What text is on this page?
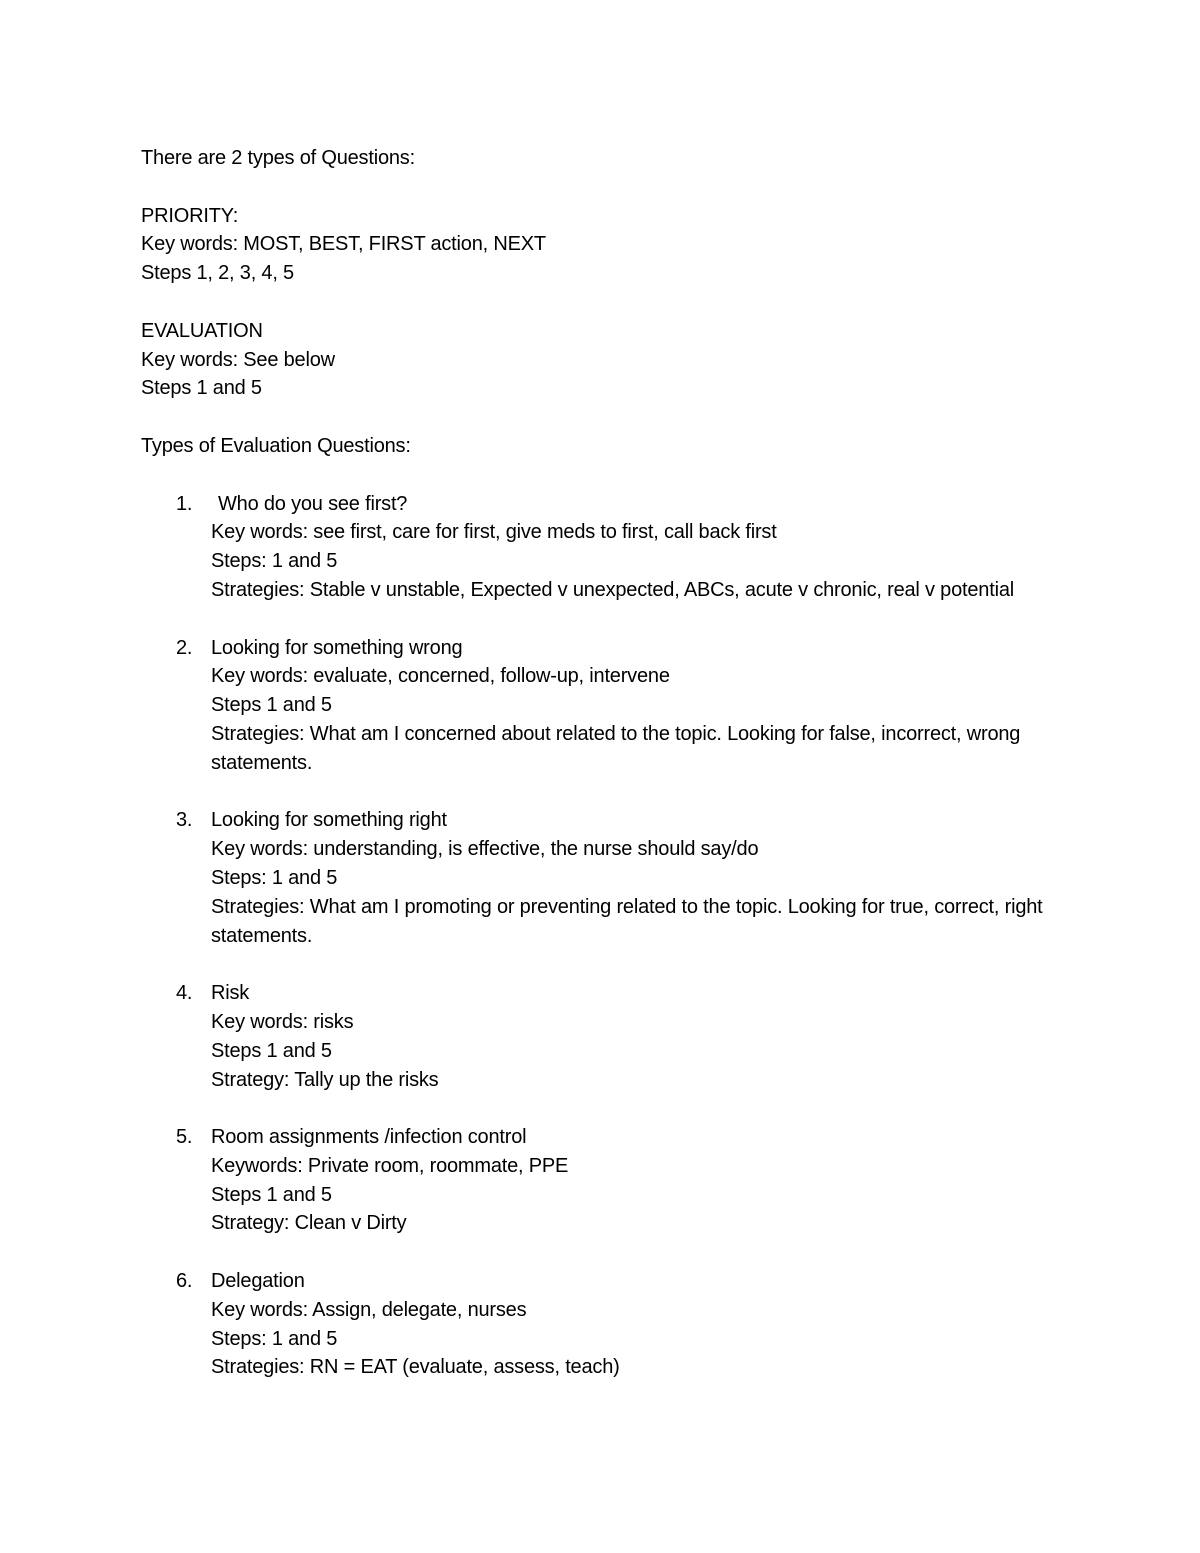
There are 2 types of Questions:
PRIORITY:
Key words: MOST, BEST, FIRST action, NEXT
Steps 1, 2, 3, 4, 5
EVALUATION
Key words: See below
Steps 1 and 5
Types of Evaluation Questions:
1.	Who do you see first?
Key words: see first, care for first, give meds to first, call back first
Steps: 1 and 5
Strategies: Stable v unstable, Expected v unexpected, ABCs, acute v chronic, real v potential
2. Looking for something wrong
Key words: evaluate, concerned, follow-up, intervene
Steps 1 and 5
Strategies: What am I concerned about related to the topic. Looking for false, incorrect, wrong statements.
3. Looking for something right
Key words: understanding, is effective, the nurse should say/do
Steps: 1 and 5
Strategies: What am I promoting or preventing related to the topic. Looking for true, correct, right statements.
4. Risk
Key words: risks
Steps 1 and 5
Strategy: Tally up the risks
5. Room assignments /infection control
Keywords: Private room, roommate, PPE
Steps 1 and 5
Strategy: Clean v Dirty
6. Delegation
Key words: Assign, delegate, nurses
Steps: 1 and 5
Strategies: RN = EAT (evaluate, assess, teach)
